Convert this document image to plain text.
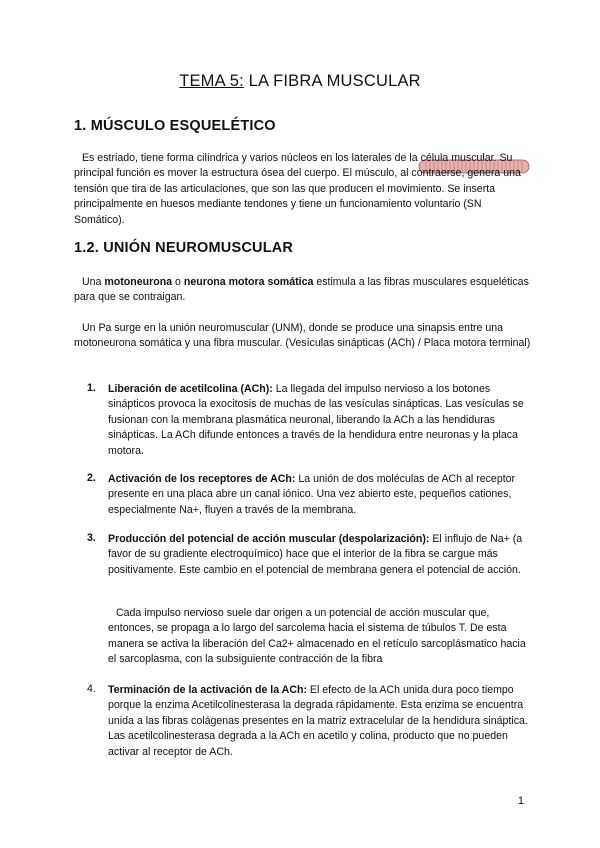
TEMA 5: LA FIBRA MUSCULAR
1. MÚSCULO ESQUELÉTICO
Es estriado, tiene forma cilíndrica y varios núcleos en los laterales de la célula muscular. Su principal función es mover la estructura ósea del cuerpo. El músculo, al contraerse, genera una tensión que tira de las articulaciones, que son las que producen el movimiento. Se inserta principalmente en huesos mediante tendones y tiene un funcionamiento voluntario (SN Somático).
1.2. UNIÓN NEUROMUSCULAR
Una motoneurona o neurona motora somática estimula a las fibras musculares esqueléticas para que se contraigan.
Un Pa surge en la unión neuromuscular (UNM), donde se produce una sinapsis entre una motoneurona somática y una fibra muscular. (Vesículas sinápticas (ACh) / Placa motora terminal)
1. Liberación de acetilcolina (ACh): La llegada del impulso nervioso a los botones sinápticos provoca la exocitosis de muchas de las vesículas sinápticas. Las vesículas se fusionan con la membrana plasmática neuronal, liberando la ACh a las hendiduras sinápticas. La ACh difunde entonces a través de la hendidura entre neuronas y la placa motora.
2. Activación de los receptores de ACh: La unión de dos moléculas de ACh al receptor presente en una placa abre un canal iónico. Una vez abierto este, pequeños cationes, especialmente Na+, fluyen a través de la membrana.
3. Producción del potencial de acción muscular (despolarización): El influjo de Na+ (a favor de su gradiente electroquímico) hace que el interior de la fibra se cargue más positivamente. Este cambio en el potencial de membrana genera el potencial de acción.
Cada impulso nervioso suele dar origen a un potencial de acción muscular que, entonces, se propaga a lo largo del sarcolema hacia el sistema de túbulos T. De esta manera se activa la liberación del Ca2+ almacenado en el retículo sarcoplásmatico hacia el sarcoplasma, con la subsiguiente contracción de la fibra
4. Terminación de la activación de la ACh: El efecto de la ACh unida dura poco tiempo porque la enzima Acetilcolinesterasa la degrada rápidamente. Esta enzima se encuentra unida a las fibras colágenas presentes en la matriz extracelular de la hendidura sináptica. Las acetilcolinesterasa degrada a la ACh en acetilo y colina, producto que no pueden activar al receptor de ACh.
1
